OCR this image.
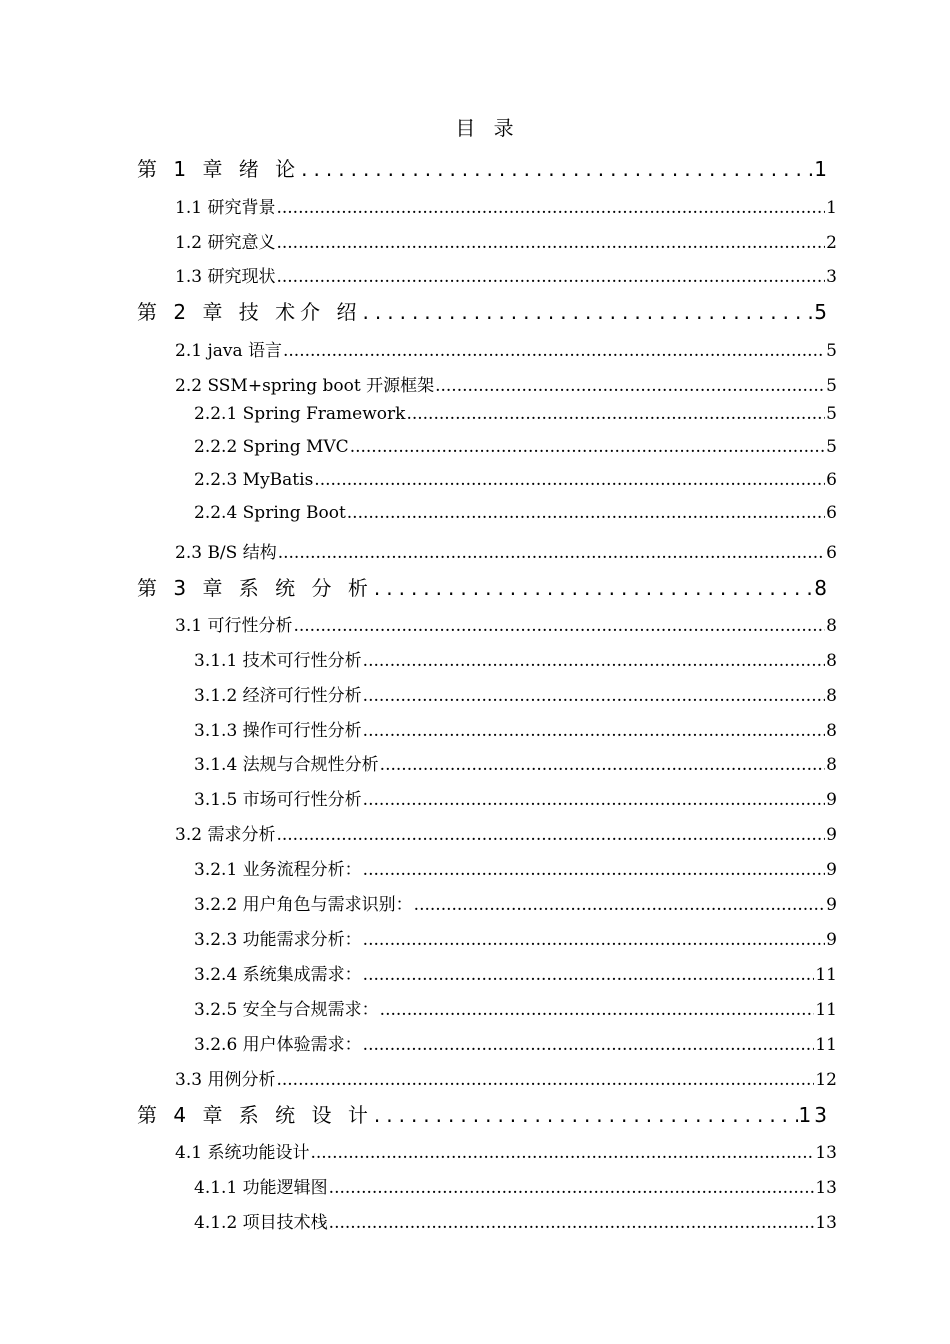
目 录
第 1 章 绪 论 .....	1
1.1 研究背景 .....	1
1.2 研究意义 .....	2
1.3 研究现状 .....	3
第 2 章 技 术介 绍 .....	5
2.1 java 语言 .....	5
2.2 SSM+spring boot 开源框架 .....	5
2.2.1 Spring Framework .....	5
2.2.2 Spring MVC .....	5
2.2.3 MyBatis .....	6
2.2.4 Spring Boot .....	6
2.3 B/S 结构 .....	6
第 3 章 系 统 分 析 .....	8
3.1 可行性分析 .....	8
3.1.1 技术可行性分析 .....	8
3.1.2 经济可行性分析 .....	8
3.1.3 操作可行性分析 .....	8
3.1.4 法规与合规性分析 .....	8
3.1.5 市场可行性分析 .....	9
3.2 需求分析 .....	9
3.2.1 业务流程分析： .....	9
3.2.2 用户角色与需求识别： .....	9
3.2.3 功能需求分析： .....	9
3.2.4 系统集成需求： .....	11
3.2.5 安全与合规需求： .....	11
3.2.6 用户体验需求： .....	11
3.3 用例分析 .....	12
第 4 章 系 统 设 计 .....	13
4.1 系统功能设计 .....	13
4.1.1 功能逻辑图 .....	13
4.1.2 项目技术栈 .....	13
